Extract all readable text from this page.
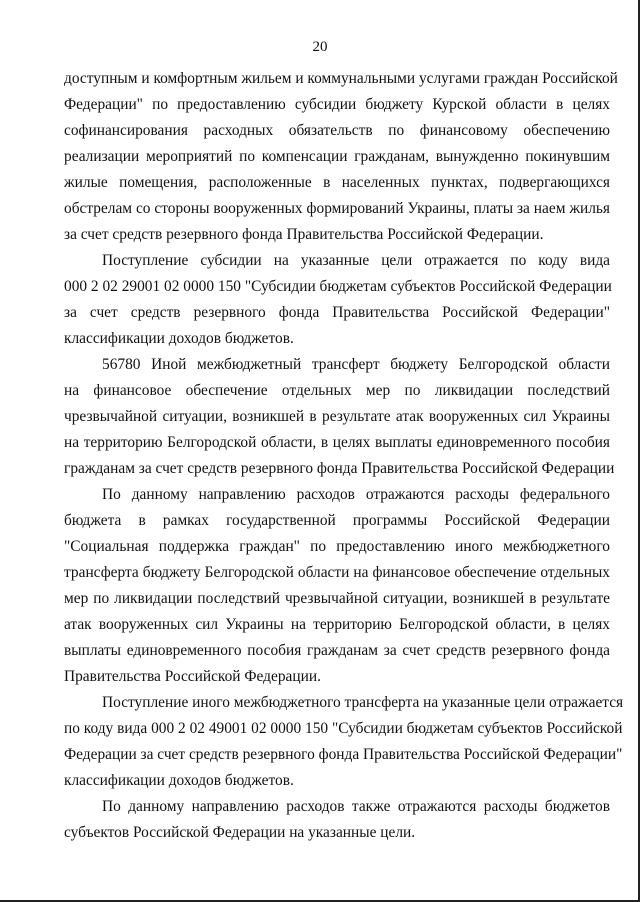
20

доступным и комфортным жильем и коммунальными услугами граждан Российской
Федерации" по предоставлению субсидии бюджету Курской области в целях
софинансирования расходных обязательств по финансовому обеспечению
реализации мероприятий по компенсации гражданам, вынужденно покинувшим
жилые помещения, расположенные в населенных пунктах, подвергающихся
обстрелам со стороны вооруженных формирований Украины, платы за наем жилья
за счет средств резервного фонда Правительства Российской Федерации.

Поступление субсидии на указанные цели отражается по коду вида
000 2 02 29001 02 0000 150 "Субсидии бюджетам субъектов Российской Федерации
за счет средств резервного фонда Правительства Российской Федерации"
классификации доходов бюджетов.

56780 Иной межбюджетный трансферт бюджету Белгородской области
на финансовое обеспечение отдельных мер по ликвидации последствий
чрезвычайной ситуации, возникшей в результате атак вооруженных сил Украины
на территорию Белгородской области, в целях выплаты единовременного пособия
гражданам за счет средств резервного фонда Правительства Российской Федерации

По данному направлению расходов отражаются расходы федерального
бюджета в рамках государственной программы Российской Федерации
"Социальная поддержка граждан" по предоставлению иного межбюджетного
трансферта бюджету Белгородской области на финансовое обеспечение отдельных
мер по ликвидации последствий чрезвычайной ситуации, возникшей в результате
атак вооруженных сил Украины на территорию Белгородской области, в целях
выплаты единовременного пособия гражданам за счет средств резервного фонда
Правительства Российской Федерации.

Поступление иного межбюджетного трансферта на указанные цели отражается
по коду вида 000 2 02 49001 02 0000 150 "Субсидии бюджетам субъектов Российской
Федерации за счет средств резервного фонда Правительства Российской Федерации"
классификации доходов бюджетов.

По данному направлению расходов также отражаются расходы бюджетов
субъектов Российской Федерации на указанные цели.
